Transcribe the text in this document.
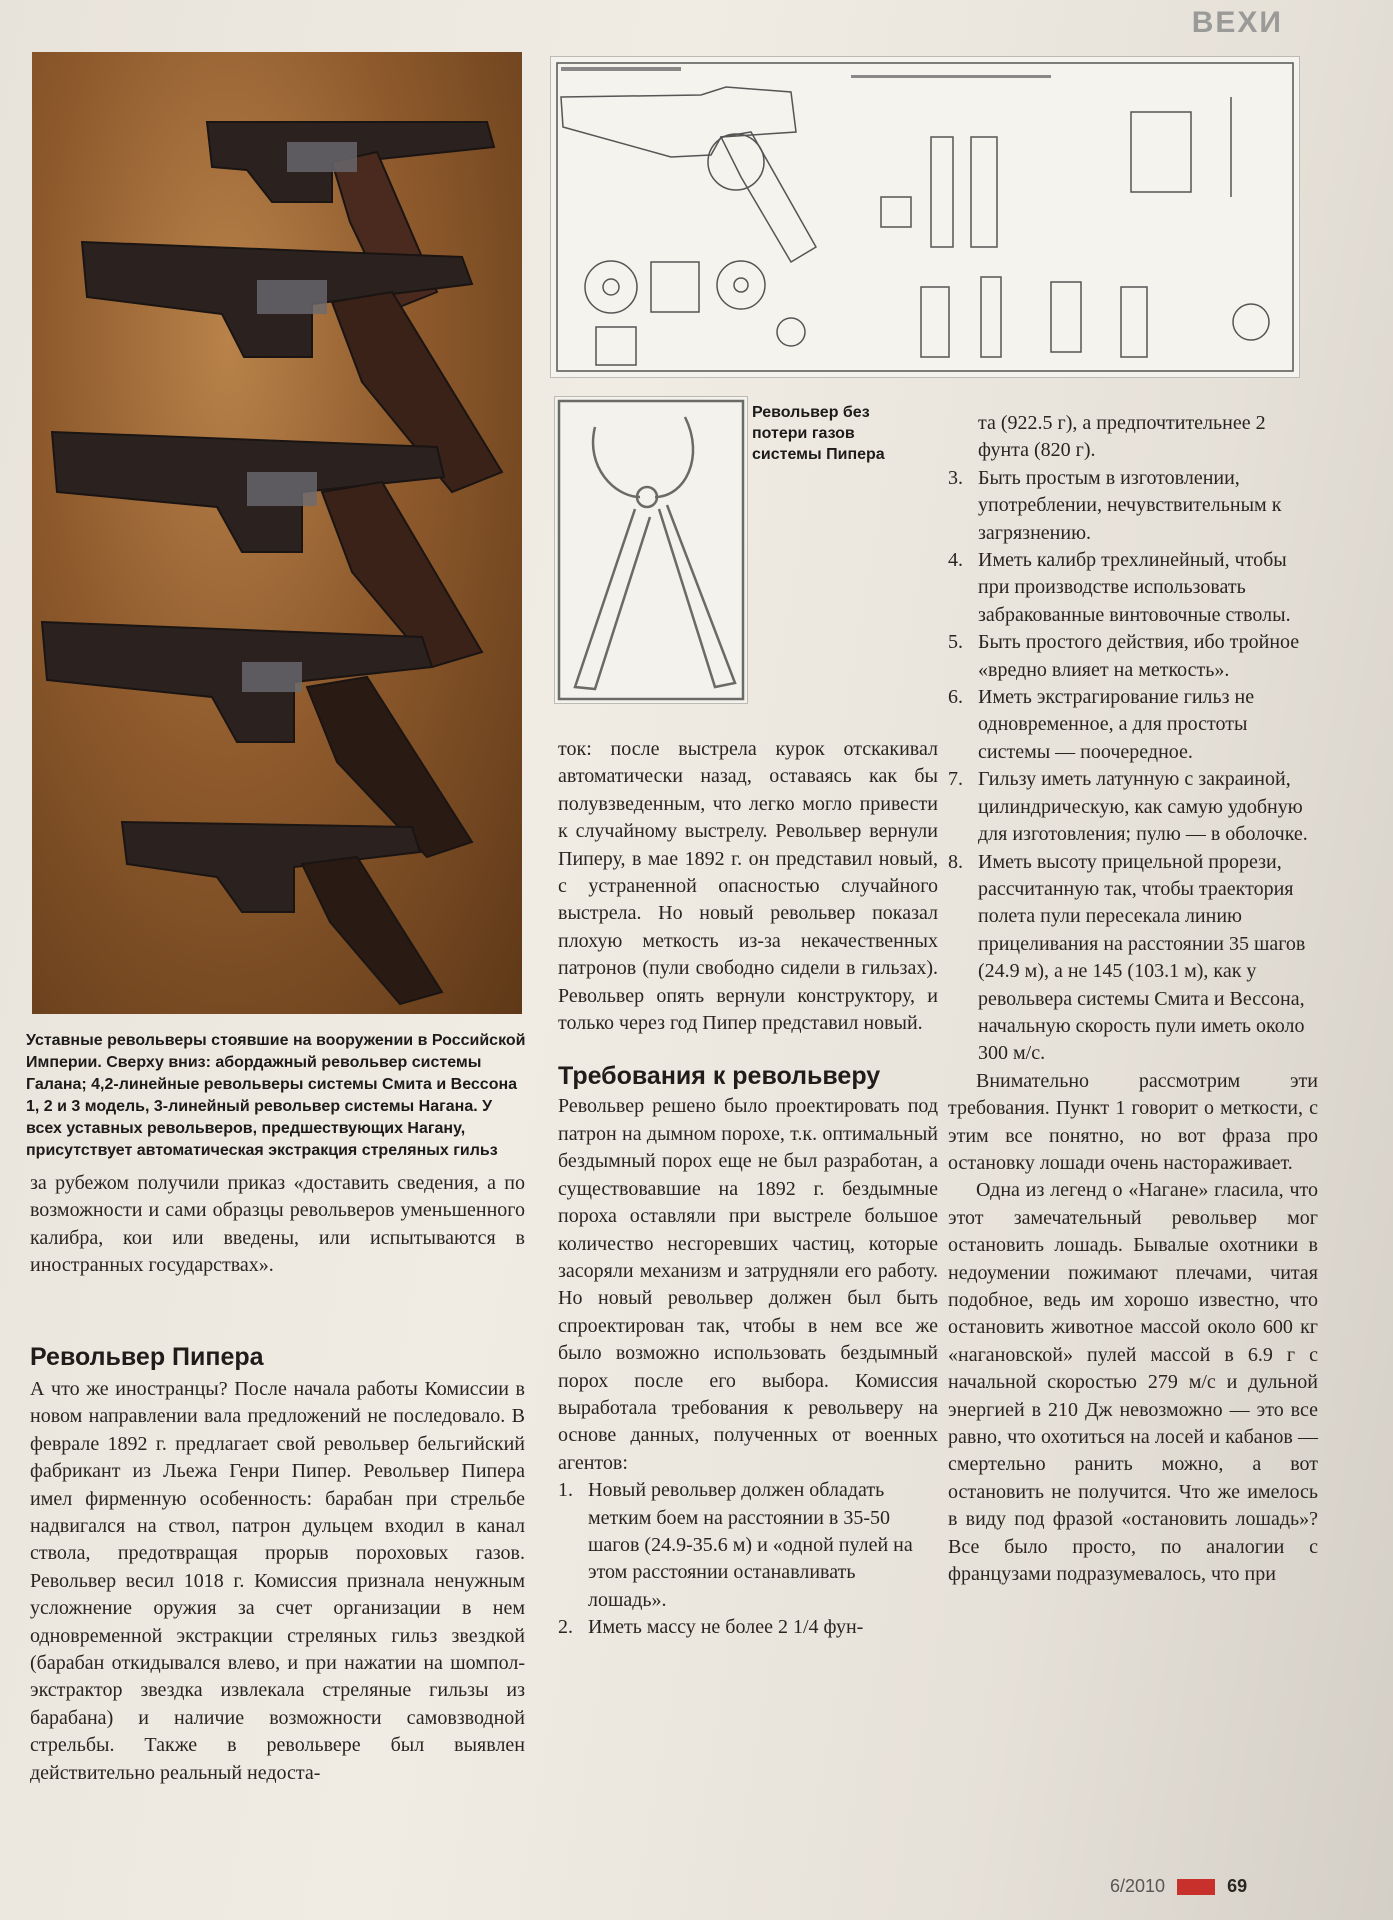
ВЕХИ
Уставные револьверы стоявшие на вооружении в Российской Империи. Сверху вниз: абордажный револьвер системы Галана; 4,2-линейные револьверы системы Смита и Вессона 1, 2 и 3 модель, 3-линейный револьвер системы Нагана. У всех уставных револьверов, предшествующих Нагану, присутствует автоматическая экстракция стреляных гильз
Револьвер без потери газов системы Пипера

за рубежом получили приказ «доставить сведения, а по возможности и сами образцы револьверов уменьшенного калибра, кои или введены, или испытываются в иностранных государствах».

Револьвер Пипера

А что же иностранцы? После начала работы Комиссии в новом направлении вала предложений не последовало. В феврале 1892 г. предлагает свой револьвер бельгийский фабрикант из Льежа Генри Пипер. Револьвер Пипера имел фирменную особенность: барабан при стрельбе надвигался на ствол, патрон дульцем входил в канал ствола, предотвращая прорыв пороховых газов. Револьвер весил 1018 г. Комиссия признала ненужным усложнение оружия за счет организации в нем одновременной экстракции стреляных гильз звездкой (барабан откидывался влево, и при нажатии на шомпол-экстрактор звездка извлекала стреляные гильзы из барабана) и наличие возможности самовзводной стрельбы. Также в револьвере был выявлен действительно реальный недоста-

ток: после выстрела курок отскакивал автоматически назад, оставаясь как бы полувзведенным, что легко могло привести к случайному выстрелу. Револьвер вернули Пиперу, в мае 1892 г. он представил новый, с устраненной опасностью случайного выстрела. Но новый револьвер показал плохую меткость из-за некачественных патронов (пули свободно сидели в гильзах). Револьвер опять вернули конструктору, и только через год Пипер представил новый.

Требования к револьверу

Револьвер решено было проектировать под патрон на дымном порохе, т.к. оптимальный бездымный порох еще не был разработан, а существовавшие на 1892 г. бездымные пороха оставляли при выстреле большое количество несгоревших частиц, которые засоряли механизм и затрудняли его работу. Но новый револьвер должен был быть спроектирован так, чтобы в нем все же было возможно использовать бездымный порох после его выбора. Комиссия выработала требования к револьверу на основе данных, полученных от военных агентов:

1. Новый револьвер должен обладать метким боем на расстоянии в 35-50 шагов (24.9-35.6 м) и «одной пулей на этом расстоянии останавливать лошадь».
2. Иметь массу не более 2 1/4 фун-

та (922.5 г), а предпочтительнее 2 фунта (820 г).

3. Быть простым в изготовлении, употреблении, нечувствительным к загрязнению.
4. Иметь калибр трехлинейный, чтобы при производстве использовать забракованные винтовочные стволы.
5. Быть простого действия, ибо тройное «вредно влияет на меткость».
6. Иметь экстрагирование гильз не одновременное, а для простоты системы — поочередное.
7. Гильзу иметь латунную с закраиной, цилиндрическую, как самую удобную для изготовления; пулю — в оболочке.
8. Иметь высоту прицельной прорези, рассчитанную так, чтобы траектория полета пули пересекала линию прицеливания на расстоянии 35 шагов (24.9 м), а не 145 (103.1 м), как у револьвера системы Смита и Вессона, начальную скорость пули иметь около 300 м/с.

Внимательно рассмотрим эти требования. Пункт 1 говорит о меткости, с этим все понятно, но вот фраза про остановку лошади очень настораживает.

Одна из легенд о «Нагане» гласила, что этот замечательный револьвер мог остановить лошадь. Бывалые охотники в недоумении пожимают плечами, читая подобное, ведь им хорошо известно, что остановить животное массой около 600 кг «нагановской» пулей массой в 6.9 г с начальной скоростью 279 м/с и дульной энергией в 210 Дж невозможно — это все равно, что охотиться на лосей и кабанов — смертельно ранить можно, а вот остановить не получится. Что же имелось в виду под фразой «остановить лошадь»? Все было просто, по аналогии с французами подразумевалось, что при

6/2010	69
